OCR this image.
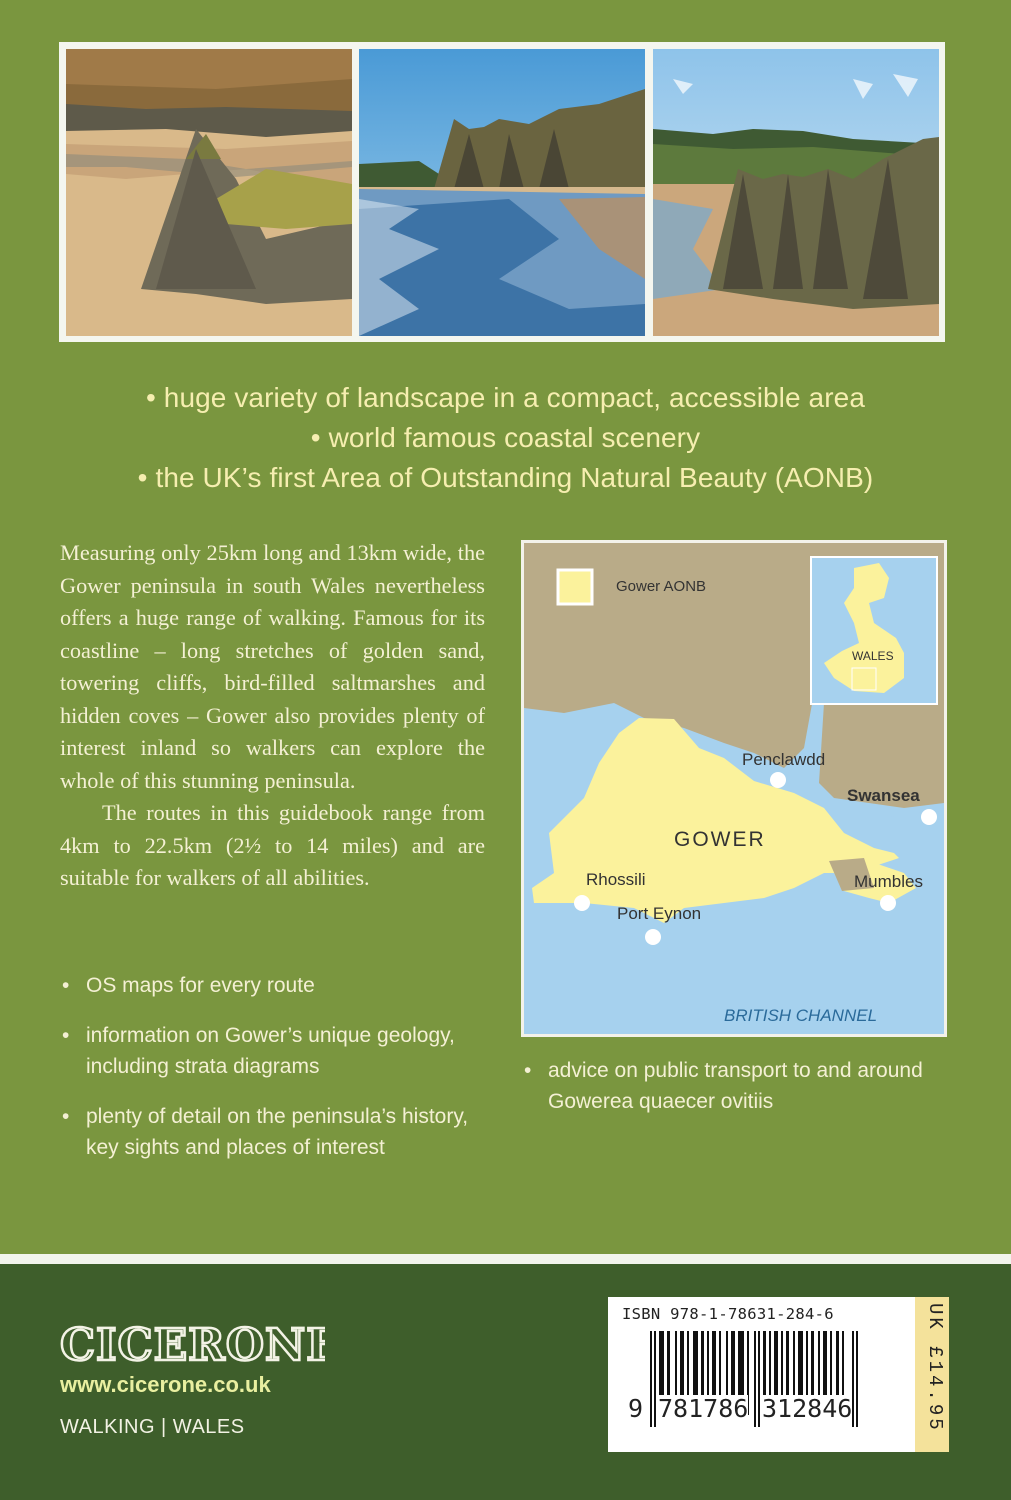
• huge variety of landscape in a compact, accessible area
• world famous coastal scenery
• the UK’s first Area of Outstanding Natural Beauty (AONB)

Measuring only 25km long and 13km wide, the Gower peninsula in south Wales nevertheless offers a huge range of walking. Famous for its coastline – long stretches of golden sand, towering cliffs, bird-filled saltmarshes and hidden coves – Gower also provides plenty of interest inland so walkers can explore the whole of this stunning peninsula.

The routes in this guidebook range from 4km to 22.5km (2½ to 14 miles) and are suitable for walkers of all abilities.

• OS maps for every route
• information on Gower’s unique geology, including strata diagrams
• plenty of detail on the peninsula’s history, key sights and places of interest
• advice on public transport to and around Gowerea quaecer ovitiis
Gower AONB
WALES
GOWER
BRITISH CHANNEL
Penclawdd
Swansea
Rhossili
Port Eynon
Mumbles
CICERONE
www.cicerone.co.uk
WALKING | WALES
ISBN 978-1-78631-284-6
9 781786 312846	UK £14.95
